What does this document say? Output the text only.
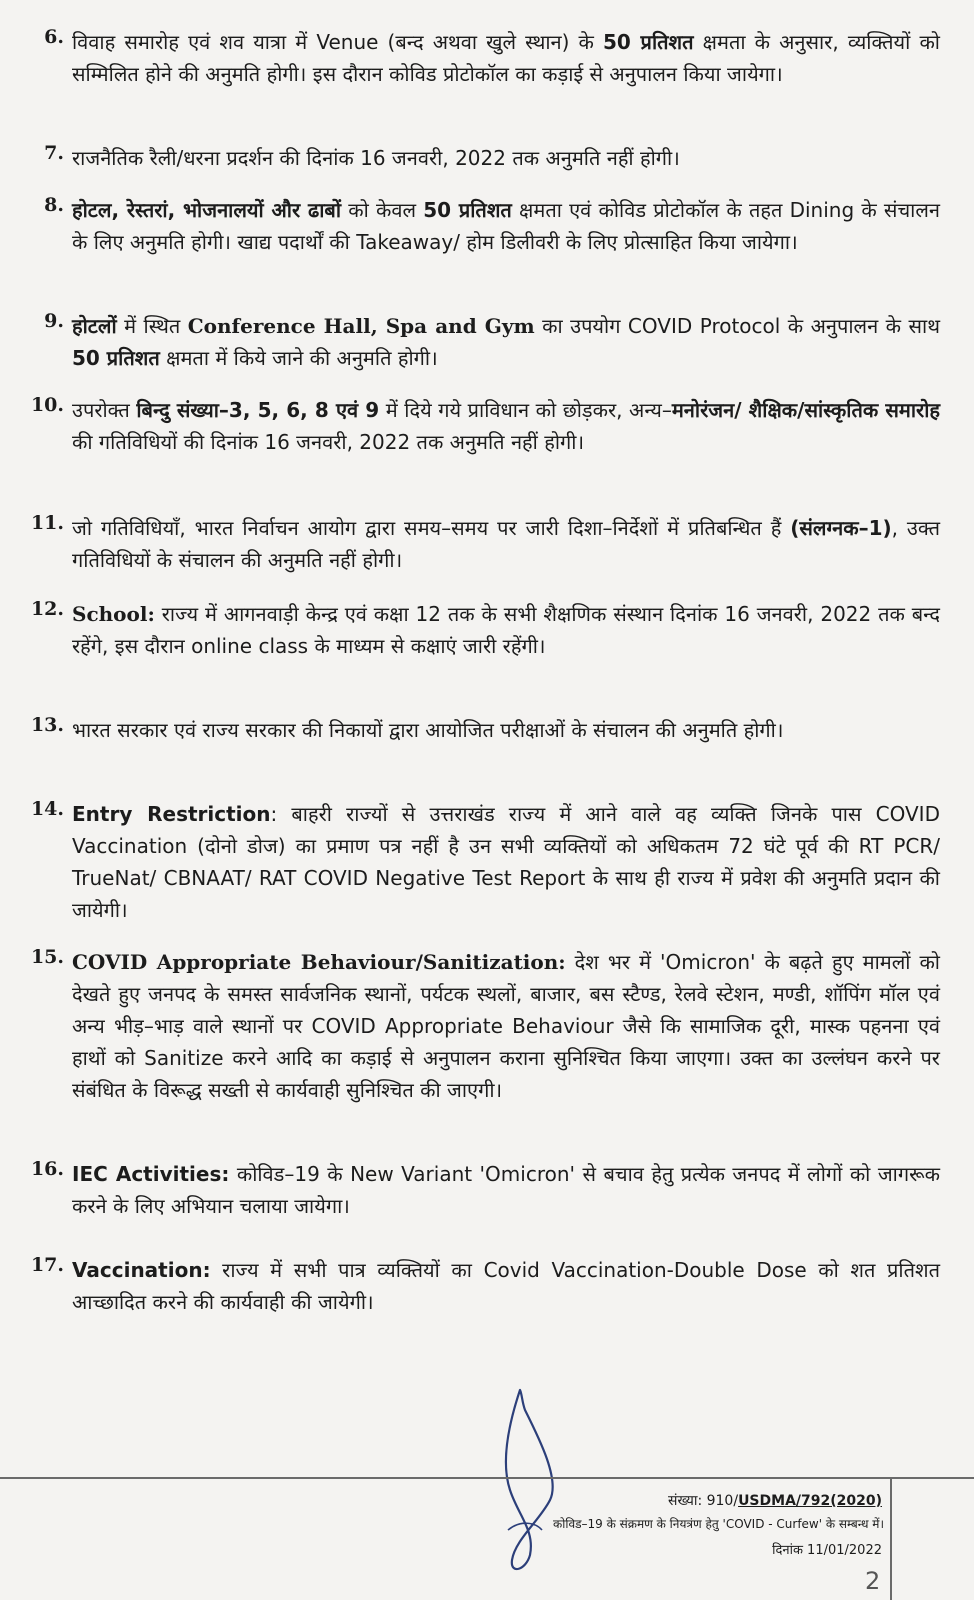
6. विवाह समारोह एवं शव यात्रा में Venue (बन्द अथवा खुले स्थान) के 50 प्रतिशत क्षमता के अनुसार, व्यक्तियों को सम्मिलित होने की अनुमति होगी। इस दौरान कोविड प्रोटोकॉल का कड़ाई से अनुपालन किया जायेगा।
7. राजनैतिक रैली/धरना प्रदर्शन की दिनांक 16 जनवरी, 2022 तक अनुमति नहीं होगी।
8. होटल, रेस्तरां, भोजनालयों और ढाबों को केवल 50 प्रतिशत क्षमता एवं कोविड प्रोटोकॉल के तहत Dining के संचालन के लिए अनुमति होगी। खाद्य पदार्थों की Takeaway/ होम डिलीवरी के लिए प्रोत्साहित किया जायेगा।
9. होटलों में स्थित Conference Hall, Spa and Gym का उपयोग COVID Protocol के अनुपालन के साथ 50 प्रतिशत क्षमता में किये जाने की अनुमति होगी।
10. उपरोक्त बिन्दु संख्या–3, 5, 6, 8 एवं 9 में दिये गये प्राविधान को छोड़कर, अन्य–मनोरंजन/ शैक्षिक/सांस्कृतिक समारोह की गतिविधियों की दिनांक 16 जनवरी, 2022 तक अनुमति नहीं होगी।
11. जो गतिविधियॉं, भारत निर्वाचन आयोग द्वारा समय–समय पर जारी दिशा–निर्देशों में प्रतिबन्धित हैं (संलग्नक–1), उक्त गतिविधियों के संचालन की अनुमति नहीं होगी।
12. School: राज्य में आगनवाड़ी केन्द्र एवं कक्षा 12 तक के सभी शैक्षणिक संस्थान दिनांक 16 जनवरी, 2022 तक बन्द रहेंगे, इस दौरान online class के माध्यम से कक्षाएं जारी रहेंगी।
13. भारत सरकार एवं राज्य सरकार की निकायों द्वारा आयोजित परीक्षाओं के संचालन की अनुमति होगी।
14. Entry Restriction: बाहरी राज्यों से उत्तराखंड राज्य में आने वाले वह व्यक्ति जिनके पास COVID Vaccination (दोनो डोज) का प्रमाण पत्र नहीं है उन सभी व्यक्तियों को अधिकतम 72 घंटे पूर्व की RT PCR/ TrueNat/ CBNAAT/ RAT COVID Negative Test Report के साथ ही राज्य में प्रवेश की अनुमति प्रदान की जायेगी।
15. COVID Appropriate Behaviour/Sanitization: देश भर में 'Omicron' के बढ़ते हुए मामलों को देखते हुए जनपद के समस्त सार्वजनिक स्थानों, पर्यटक स्थलों, बाजार, बस स्टैण्ड, रेलवे स्टेशन, मण्डी, शॉपिंग मॉल एवं अन्य भीड़–भाड़ वाले स्थानों पर COVID Appropriate Behaviour जैसे कि सामाजिक दूरी, मास्क पहनना एवं हाथों को Sanitize करने आदि का कड़ाई से अनुपालन कराना सुनिश्चित किया जाएगा। उक्त का उल्लंघन करने पर संबंधित के विरूद्ध सख्ती से कार्यवाही सुनिश्चित की जाएगी।
16. IEC Activities: कोविड–19 के New Variant 'Omicron' से बचाव हेतु प्रत्येक जनपद में लोगों को जागरूक करने के लिए अभियान चलाया जायेगा।
17. Vaccination: राज्य में सभी पात्र व्यक्तियों का Covid Vaccination-Double Dose को शत प्रतिशत आच्छादित करने की कार्यवाही की जायेगी।
संख्या: 910/USDMA/792(2020)
कोविड–19 के संक्रमण के नियत्रंण हेतु 'COVID - Curfew' के सम्बन्ध में।
दिनांक 11/01/2022
2
